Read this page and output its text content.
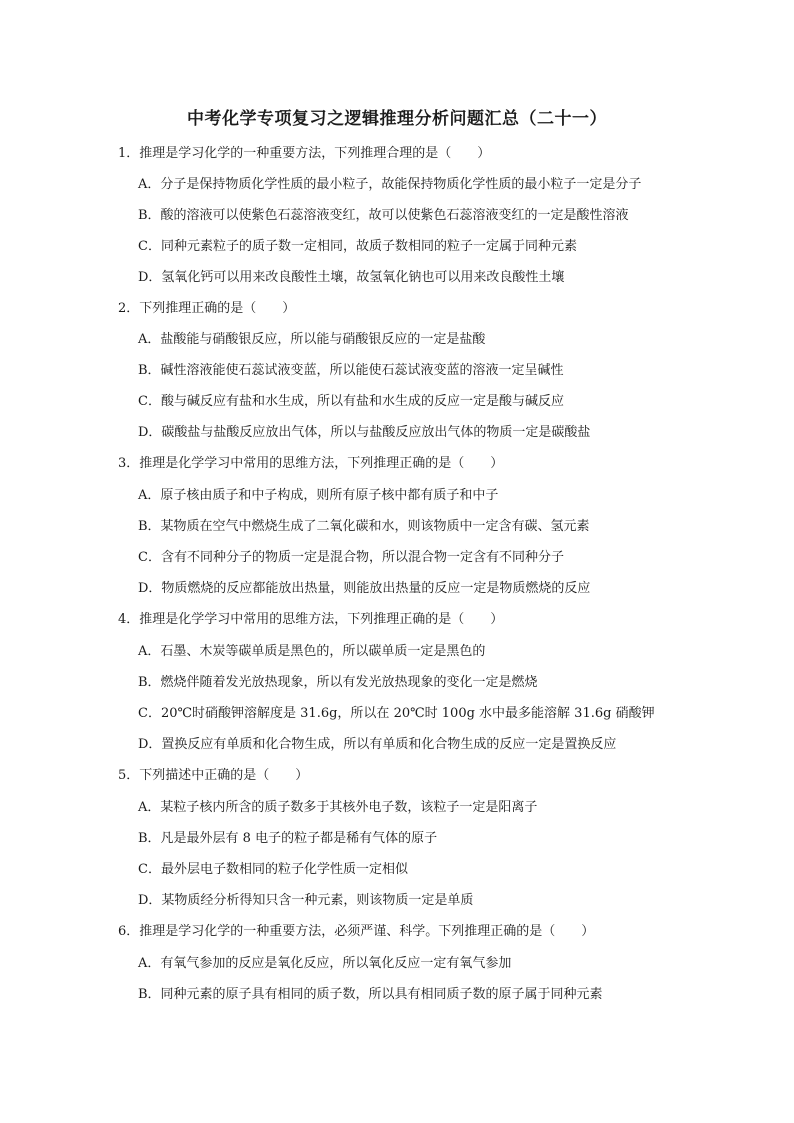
中考化学专项复习之逻辑推理分析问题汇总（二十一）
1．推理是学习化学的一种重要方法，下列推理合理的是（　　）
A．分子是保持物质化学性质的最小粒子，故能保持物质化学性质的最小粒子一定是分子
B．酸的溶液可以使紫色石蕊溶液变红，故可以使紫色石蕊溶液变红的一定是酸性溶液
C．同种元素粒子的质子数一定相同，故质子数相同的粒子一定属于同种元素
D．氢氧化钙可以用来改良酸性土壤，故氢氧化钠也可以用来改良酸性土壤
2．下列推理正确的是（　　）
A．盐酸能与硝酸银反应，所以能与硝酸银反应的一定是盐酸
B．碱性溶液能使石蕊试液变蓝，所以能使石蕊试液变蓝的溶液一定呈碱性
C．酸与碱反应有盐和水生成，所以有盐和水生成的反应一定是酸与碱反应
D．碳酸盐与盐酸反应放出气体，所以与盐酸反应放出气体的物质一定是碳酸盐
3．推理是化学学习中常用的思维方法，下列推理正确的是（　　）
A．原子核由质子和中子构成，则所有原子核中都有质子和中子
B．某物质在空气中燃烧生成了二氧化碳和水，则该物质中一定含有碳、氢元素
C．含有不同种分子的物质一定是混合物，所以混合物一定含有不同种分子
D．物质燃烧的反应都能放出热量，则能放出热量的反应一定是物质燃烧的反应
4．推理是化学学习中常用的思维方法，下列推理正确的是（　　）
A．石墨、木炭等碳单质是黑色的，所以碳单质一定是黑色的
B．燃烧伴随着发光放热现象，所以有发光放热现象的变化一定是燃烧
C．20℃时硝酸钾溶解度是 31.6g，所以在 20℃时 100g 水中最多能溶解 31.6g 硝酸钾
D．置换反应有单质和化合物生成，所以有单质和化合物生成的反应一定是置换反应
5．下列描述中正确的是（　　）
A．某粒子核内所含的质子数多于其核外电子数，该粒子一定是阳离子
B．凡是最外层有 8 电子的粒子都是稀有气体的原子
C．最外层电子数相同的粒子化学性质一定相似
D．某物质经分析得知只含一种元素，则该物质一定是单质
6．推理是学习化学的一种重要方法，必须严谨、科学。下列推理正确的是（　　）
A．有氧气参加的反应是氧化反应，所以氧化反应一定有氧气参加
B．同种元素的原子具有相同的质子数，所以具有相同质子数的原子属于同种元素
